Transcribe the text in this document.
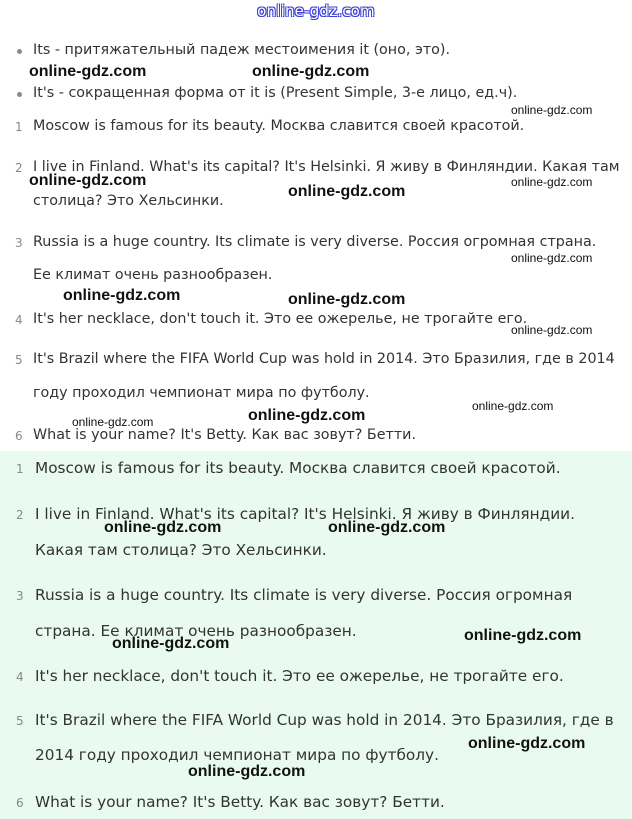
online-gdz.com
Its - притяжательный падеж местоимения it (оно, это).
It's - сокращенная форма от it is (Present Simple, 3-е лицо, ед.ч).
1 Moscow is famous for its beauty. Москва славится своей красотой.
2 I live in Finland. What's its capital? It's Helsinki. Я живу в Финляндии. Какая там
столица? Это Хельсинки.
3 Russia is a huge country. Its climate is very diverse. Россия огромная страна.
Ее климат очень разнообразен.
4 It's her necklace, don't touch it. Это ее ожерелье, не трогайте его.
5 It's Brazil where the FIFA World Cup was hold in 2014. Это Бразилия, где в 2014
году проходил чемпионат мира по футболу.
6 What is your name? It's Betty. Как вас зовут? Бетти.
1 Moscow is famous for its beauty. Москва славится своей красотой.
2 I live in Finland. What's its capital? It's Helsinki. Я живу в Финляндии.
Какая там столица? Это Хельсинки.
3 Russia is a huge country. Its climate is very diverse. Россия огромная
страна. Ее климат очень разнообразен.
4 It's her necklace, don't touch it. Это ее ожерелье, не трогайте его.
5 It's Brazil where the FIFA World Cup was hold in 2014. Это Бразилия, где в
2014 году проходил чемпионат мира по футболу.
6 What is your name? It's Betty. Как вас зовут? Бетти.
online-gdz.com	online-gdz.com
online-gdz.com
online-gdz.com	online-gdz.com
online-gdz.com
online-gdz.com
online-gdz.com	online-gdz.com
online-gdz.com
online-gdz.com
online-gdz.com
online-gdz.com
online-gdz.com	online-gdz.com
online-gdz.com
online-gdz.com
online-gdz.com
online-gdz.com
